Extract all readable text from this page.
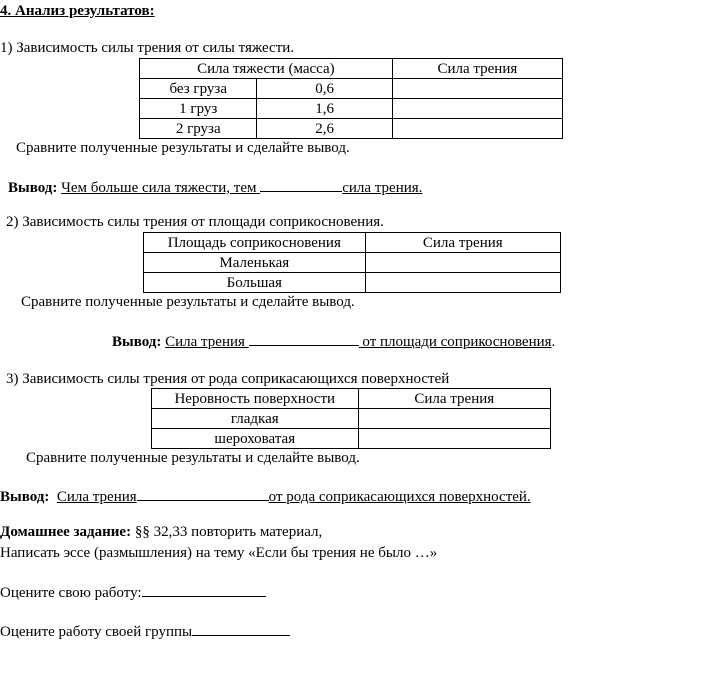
4. Анализ результатов:
1) Зависимость силы трения от силы тяжести.
Сила тяжести (масса)		Сила трения
без груза	0,6	
1 груз	1,6	
2 груза	2,6	
Сравните полученные результаты и сделайте вывод.
Вывод: Чем больше сила тяжести, тем	сила трения.
2) Зависимость силы трения от площади соприкосновения.
Площадь соприкосновения	Сила трения
Маленькая	
Большая	
Сравните полученные результаты и сделайте вывод.
Вывод: Сила трения	от площади соприкосновения.
3) Зависимость силы трения от рода соприкасающихся поверхностей
Неровность поверхности	Сила трения
гладкая	
шероховатая	
Сравните полученные результаты и сделайте вывод.
Вывод: Сила трения	от рода соприкасающихся поверхностей.
Домашнее задание: §§ 32,33 повторить материал,
Написать эссе (размышления) на тему «Если бы трения не было …»
Оцените свою работу:
Оцените работу своей группы
